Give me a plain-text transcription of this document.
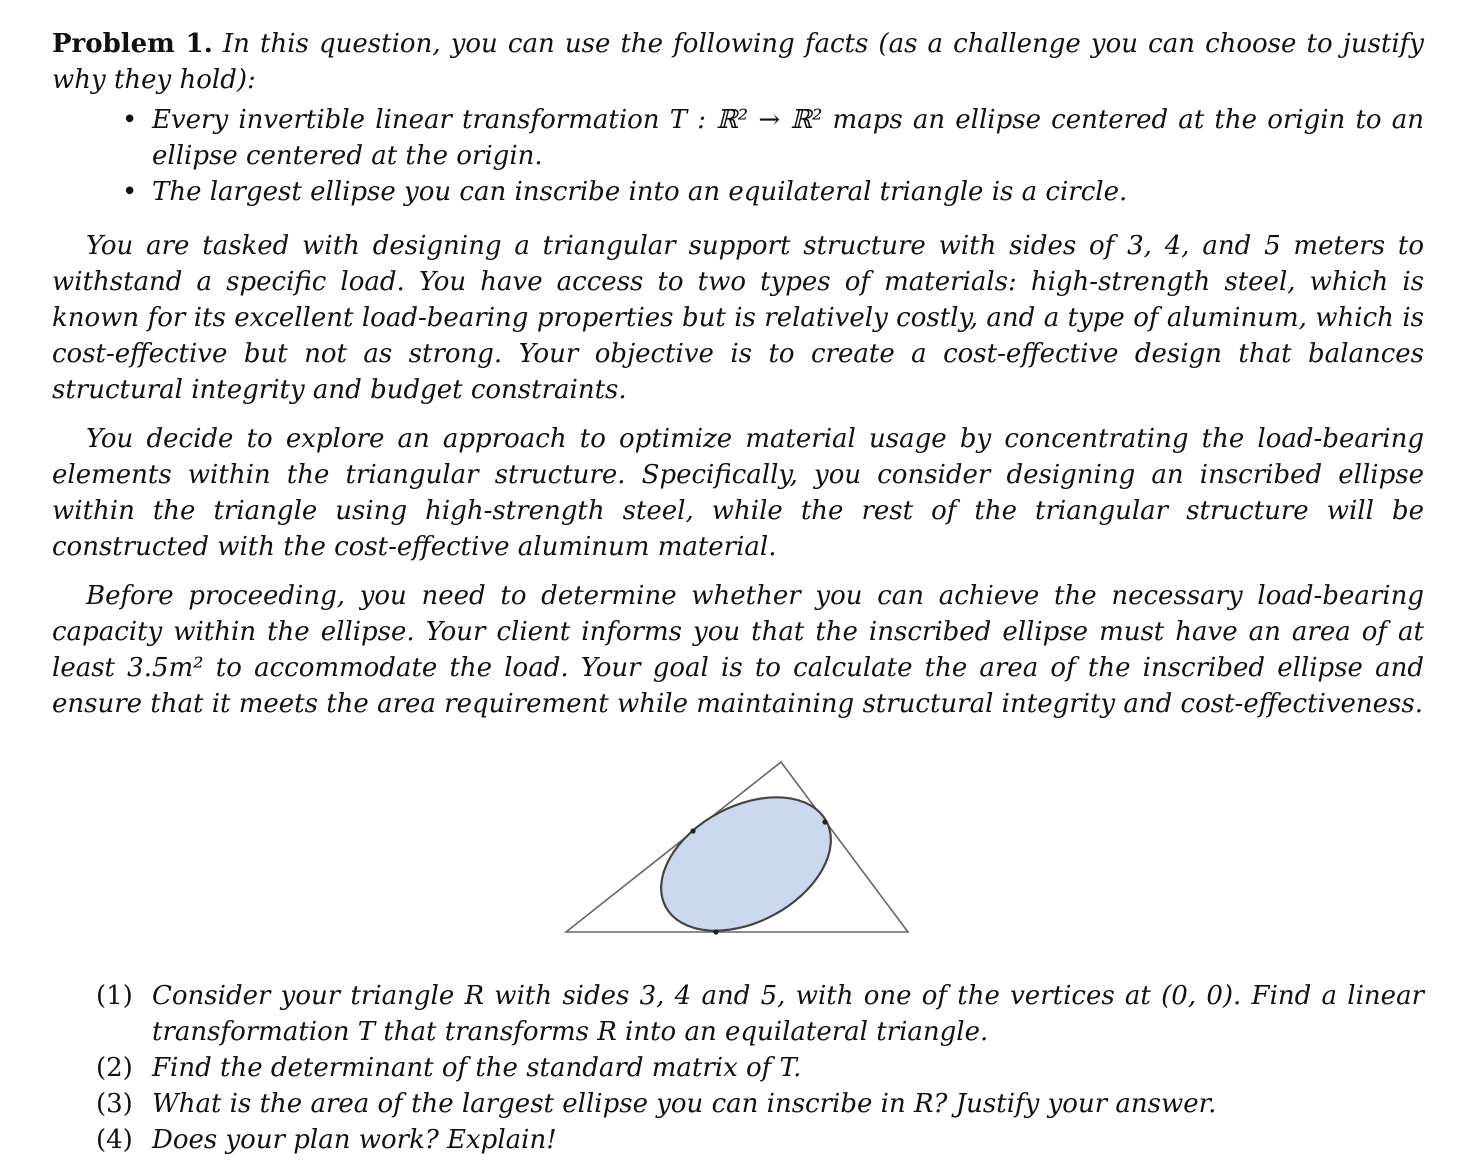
Problem 1. In this question, you can use the following facts (as a challenge you can choose to justify why they hold):

• Every invertible linear transformation T : ℝ² → ℝ² maps an ellipse centered at the origin to an ellipse centered at the origin.
• The largest ellipse you can inscribe into an equilateral triangle is a circle.

You are tasked with designing a triangular support structure with sides of 3, 4, and 5 meters to withstand a specific load. You have access to two types of materials: high-strength steel, which is known for its excellent load-bearing properties but is relatively costly, and a type of aluminum, which is cost-effective but not as strong. Your objective is to create a cost-effective design that balances structural integrity and budget constraints.

You decide to explore an approach to optimize material usage by concentrating the load-bearing elements within the triangular structure. Specifically, you consider designing an inscribed ellipse within the triangle using high-strength steel, while the rest of the triangular structure will be constructed with the cost-effective aluminum material.

Before proceeding, you need to determine whether you can achieve the necessary load-bearing capacity within the ellipse. Your client informs you that the inscribed ellipse must have an area of at least 3.5m² to accommodate the load. Your goal is to calculate the area of the inscribed ellipse and ensure that it meets the area requirement while maintaining structural integrity and cost-effectiveness.

(1) Consider your triangle R with sides 3, 4 and 5, with one of the vertices at (0, 0). Find a linear transformation T that transforms R into an equilateral triangle.
(2) Find the determinant of the standard matrix of T.
(3) What is the area of the largest ellipse you can inscribe in R? Justify your answer.
(4) Does your plan work? Explain!
